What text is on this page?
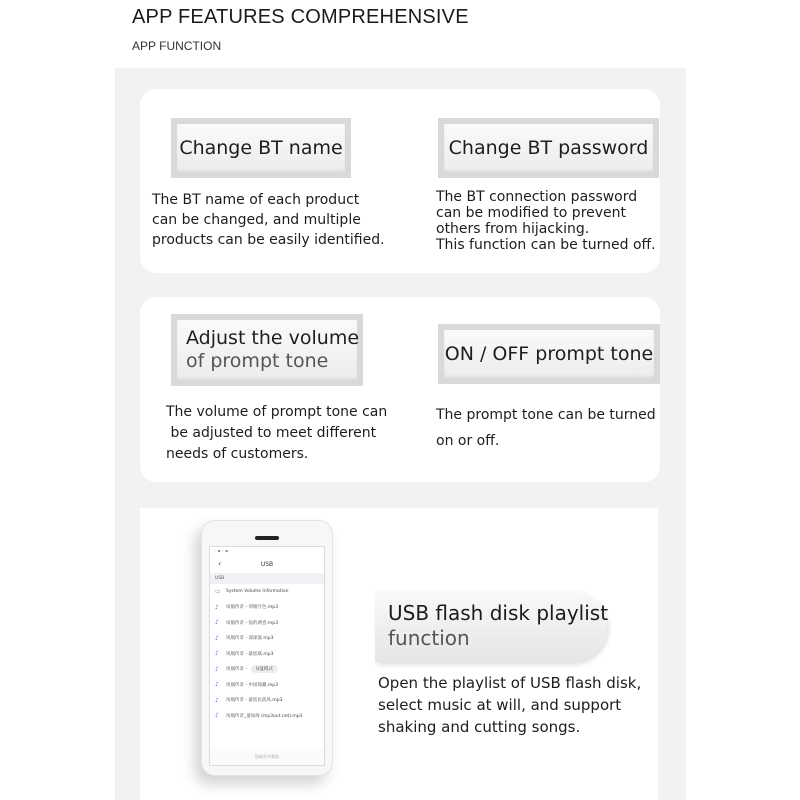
APP FEATURES COMPREHENSIVE
APP FUNCTION
Change BT name
The BT name of each product
can be changed, and multiple
products can be easily identified.
Change BT password
The BT connection password
can be modified to prevent
others from hijacking.
This function can be turned off.
Adjust the volume
of prompt tone
The volume of prompt tone can
be adjusted to meet different
needs of customers.
ON / OFF prompt tone
The prompt tone can be turned
on or off.
◦ ▪ ◦ ▪
‹	USB
USB
▭	System Volume Information
♪	凤凰传奇 - 荷塘月色.mp3
♪	凤凰传奇 - 狼的诱惑.mp3
♪	凤凰传奇 - 深深爱.mp3
♪	凤凰传奇 - 最炫联.mp3
♪	凤凰传奇 -	U盘模式
♪	凤凰传奇 - 中国保藏.mp3
♪	凤凰传奇 - 最炫民族风.mp3
♪	凤凰传奇_童如海 (mp3out.net).mp3
选取更多歌曲
USB flash disk playlist
function
Open the playlist of USB flash disk,
select music at will, and support
shaking and cutting songs.
